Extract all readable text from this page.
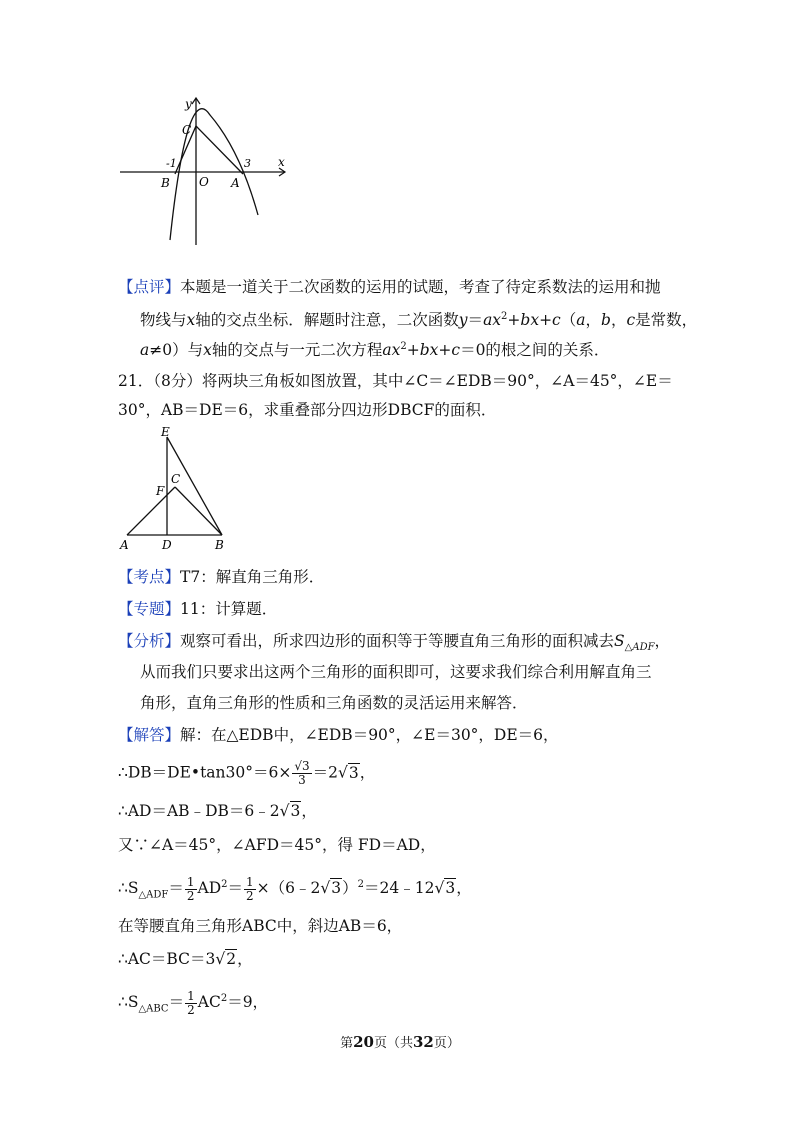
y
x
C
-1	3
B O A
【点评】本题是一道关于二次函数的运用的试题，考查了待定系数法的运用和抛
物线与x轴的交点坐标．解题时注意，二次函数$y=ax^2+bx+c(a$，b，c是常数，
a≠0）与x轴的交点与一元二次方程$ax^2+bx+c=0$的根之间的关系．
21．（8分）将两块三角板如图放置，其中∠C＝∠EDB＝90°，∠A＝45°，∠E＝
30°，AB＝DE＝6，求重叠部分四边形DBCF的面积．
E
C
F
A	D	B
【考点】T7：解直角三角形．
【专题】11：计算题．
【分析】观察可看出，所求四边形的面积等于等腰直角三角形的面积减去$S_{\triangle ADF}$，
从而我们只要求出这两个三角形的面积即可，这要求我们综合利用解直角三
角形，直角三角形的性质和三角函数的灵活运用来解答．
【解答】解：在△EDB中，∠EDB＝90°，∠E＝30°，DE＝6，
∴DB＝DE•tan30°＝6× $\frac{√3}{3} =2√3$，
∴AD＝AB﹣DB＝6﹣2√3，
又∵∠A＝45°，∠AFD＝45°，得 FD＝AD，
$\therefore S_{\triangle ADF}= \frac{1}{2} AD^2= \frac{1}{2}$ ×（6﹣2√3）$^2$＝24﹣12√3，
在等腰直角三角形ABC中，斜边AB＝6，
∴AC＝BC＝3√2，
$\therefore S_{\triangle ABC}= \frac{1}{2} AC^2=9$，
第20页（共32页）
